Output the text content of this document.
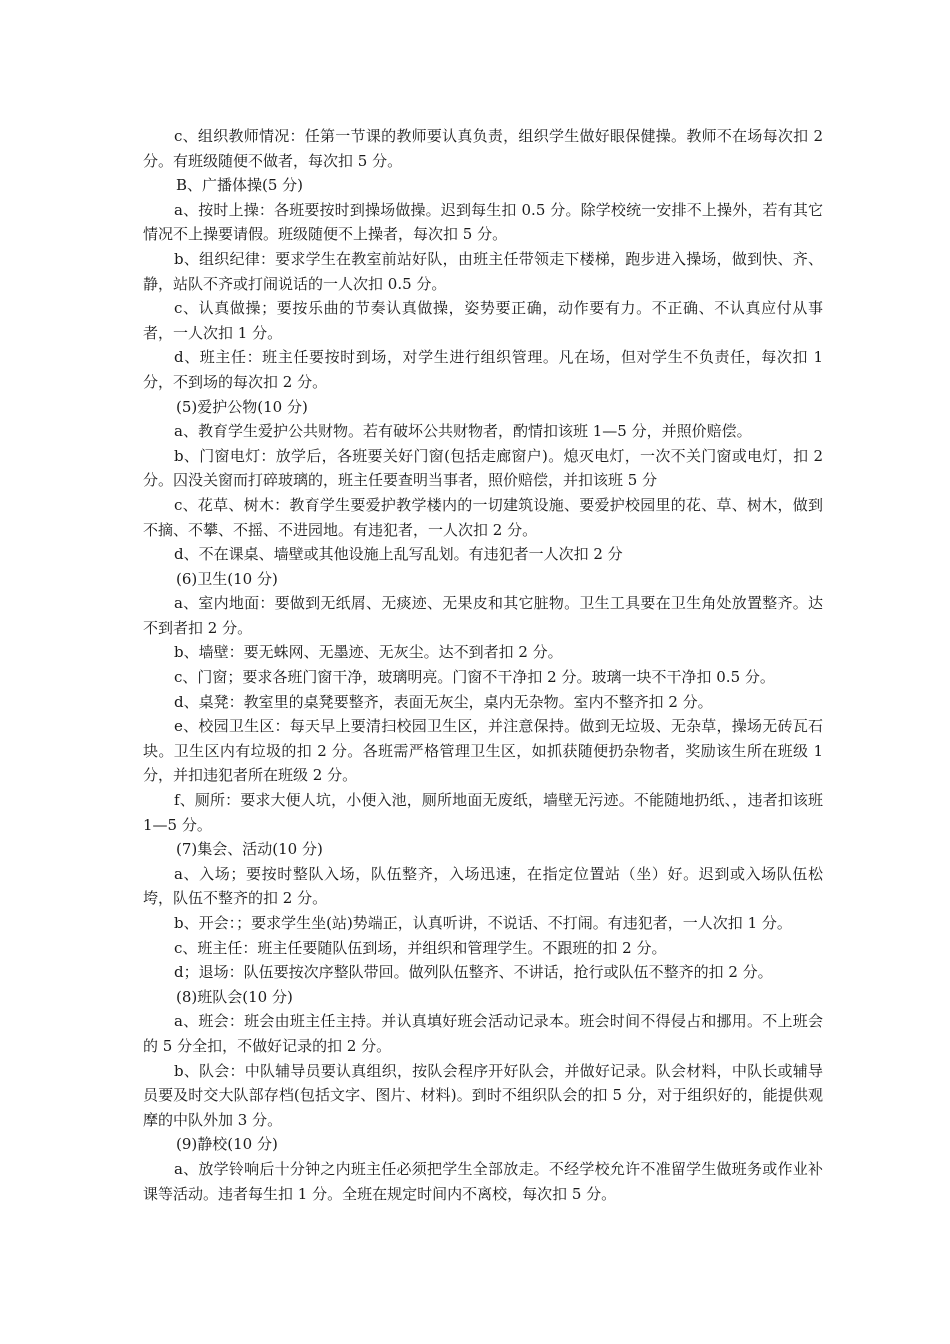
c、组织教师情况：任第一节课的教师要认真负责，组织学生做好眼保健操。教师不在场每次扣 2 分。有班级随便不做者，每次扣 5 分。

B、广播体操(5 分)

a、按时上操：各班要按时到操场做操。迟到每生扣 0.5 分。除学校统一安排不上操外，若有其它情况不上操要请假。班级随便不上操者，每次扣 5 分。

b、组织纪律：要求学生在教室前站好队，由班主任带领走下楼梯，跑步进入操场，做到快、齐、静，站队不齐或打闹说话的一人次扣 0.5 分。

c、认真做操；要按乐曲的节奏认真做操，姿势要正确，动作要有力。不正确、不认真应付从事者，一人次扣 1 分。

d、班主任：班主任要按时到场，对学生进行组织管理。凡在场，但对学生不负责任，每次扣 1 分，不到场的每次扣 2 分。

(5)爱护公物(10 分)

a、教育学生爱护公共财物。若有破坏公共财物者，酌情扣该班 1—5 分，并照价赔偿。

b、门窗电灯：放学后，各班要关好门窗(包括走廊窗户)。熄灭电灯，一次不关门窗或电灯，扣 2 分。囚没关窗而打碎玻璃的，班主任要查明当事者，照价赔偿，并扣该班 5 分

c、花草、树木：教育学生要爱护教学楼内的一切建筑设施、要爱护校园里的花、草、树木，做到不摘、不攀、不摇、不进园地。有违犯者，一人次扣 2 分。

d、不在课桌、墙壁或其他设施上乱写乱划。有违犯者一人次扣 2 分

(6)卫生(10 分)

a、室内地面：要做到无纸屑、无痰迹、无果皮和其它脏物。卫生工具要在卫生角处放置整齐。达不到者扣 2 分。

b、墙壁：要无蛛网、无墨迹、无灰尘。达不到者扣 2 分。

c、门窗；要求各班门窗干净，玻璃明亮。门窗不干净扣 2 分。玻璃一块不干净扣 0.5 分。

d、桌凳：教室里的桌凳要整齐，表面无灰尘，桌内无杂物。室内不整齐扣 2 分。

e、校园卫生区：每天早上要清扫校园卫生区，并注意保持。做到无垃圾、无杂草，操场无砖瓦石块。卫生区内有垃圾的扣 2 分。各班需严格管理卫生区，如抓获随便扔杂物者，奖励该生所在班级 1 分，并扣违犯者所在班级 2 分。

f、厕所：要求大便人坑，小便入池，厕所地面无废纸，墙壁无污迹。不能随地扔纸、，违者扣该班 1—5 分。

(7)集会、活动(10 分)

a、入场；要按时整队入场，队伍整齐，入场迅速，在指定位置站（坐）好。迟到或入场队伍松垮，队伍不整齐的扣 2 分。

b、开会：；要求学生坐(站)势端正，认真听讲，不说话、不打闹。有违犯者，一人次扣 1 分。

c、班主任：班主任要随队伍到场，并组织和管理学生。不跟班的扣 2 分。

d；退场：队伍要按次序整队带回。做列队伍整齐、不讲话，抢行或队伍不整齐的扣 2 分。

(8)班队会(10 分)

a、班会：班会由班主任主持。并认真填好班会活动记录本。班会时间不得侵占和挪用。不上班会的 5 分全扣，不做好记录的扣 2 分。

b、队会：中队辅导员要认真组织，按队会程序开好队会，并做好记录。队会材料，中队长或辅导员要及时交大队部存档(包括文字、图片、材料)。到时不组织队会的扣 5 分，对于组织好的，能提供观摩的中队外加 3 分。

(9)静校(10 分)

a、放学铃响后十分钟之内班主任必须把学生全部放走。不经学校允许不准留学生做班务或作业补课等活动。违者每生扣 1 分。全班在规定时间内不离校，每次扣 5 分。
